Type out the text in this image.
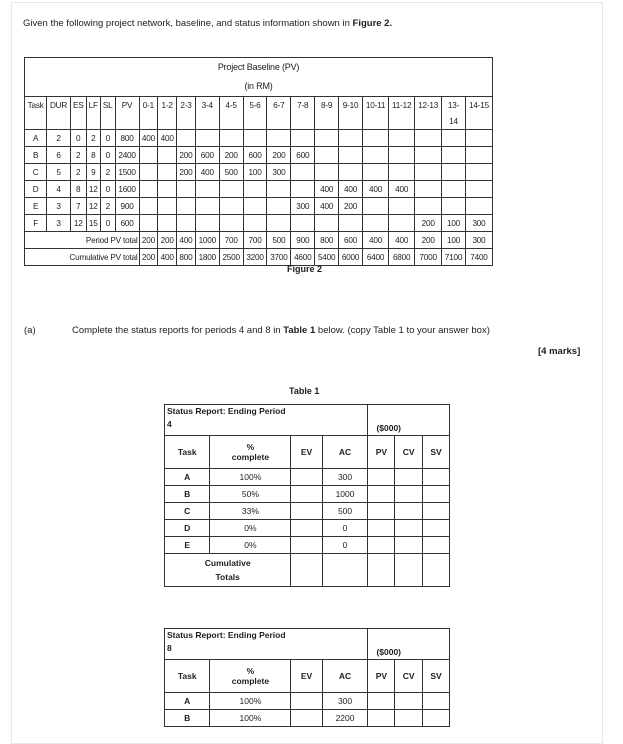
Given the following project network, baseline, and status information shown in Figure 2.
Project Baseline (PV)
(in RM)																				
Task	DUR	ES	LF	SL	PV	0-1	1-2	2-3	3-4	4-5	5-6	6-7	7-8	8-9	9-10	10-11	11-12	12-13	13-	14-15
																			14	
A	2	0	2	0	800	400	400													
B	6	2	8	0	2400			200	600	200	600	200	600							
C	5	2	9	2	1500			200	400	500	100	300								
D	4	8	12	0	1600									400	400	400	400			
E	3	7	12	2	900								300	400	200					
F	3	12	15	0	600													200	100	300
Period PV total						200	200	400	1000	700	700	500	900	800	600	400	400	200	100	300
Cumulative PV total						200	400	800	1800	2500	3200	3700	4600	5400	6000	6400	6800	7000	7100	7400
Figure 2
(a)	Complete the status reports for periods 4 and 8 in Table 1 below. (copy Table 1 to your answer box)
[4 marks]
Table 1
Status Report: Ending Period
4				($000)		
Task	%
complete	EV	AC	PV	CV	SV
A	100%		300			
B	50%		1000			
C	33%		500			
D	0%		0			
E	0%		0			
Cumulative
Totals						
Status Report: Ending Period
8				($000)		
Task	%
complete	EV	AC	PV	CV	SV
A	100%		300			
B	100%		2200			
